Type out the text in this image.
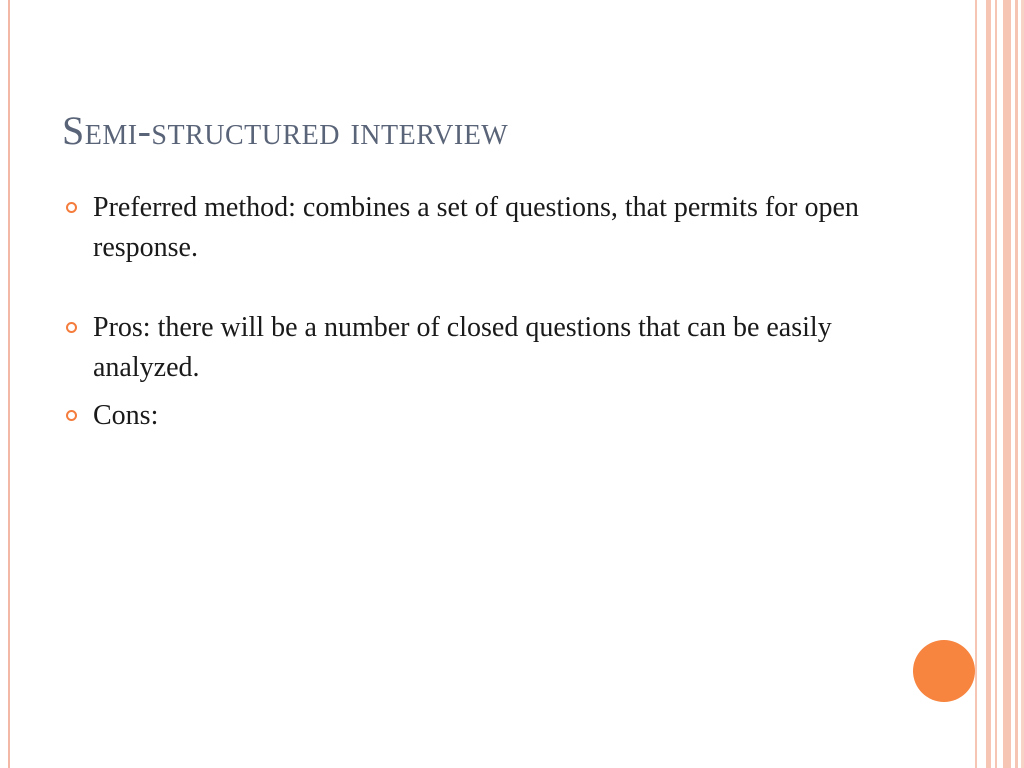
Semi-structured interview
Preferred method: combines a set of questions, that permits for open response.
Pros: there will be a number of closed questions that can be easily analyzed.
Cons:
